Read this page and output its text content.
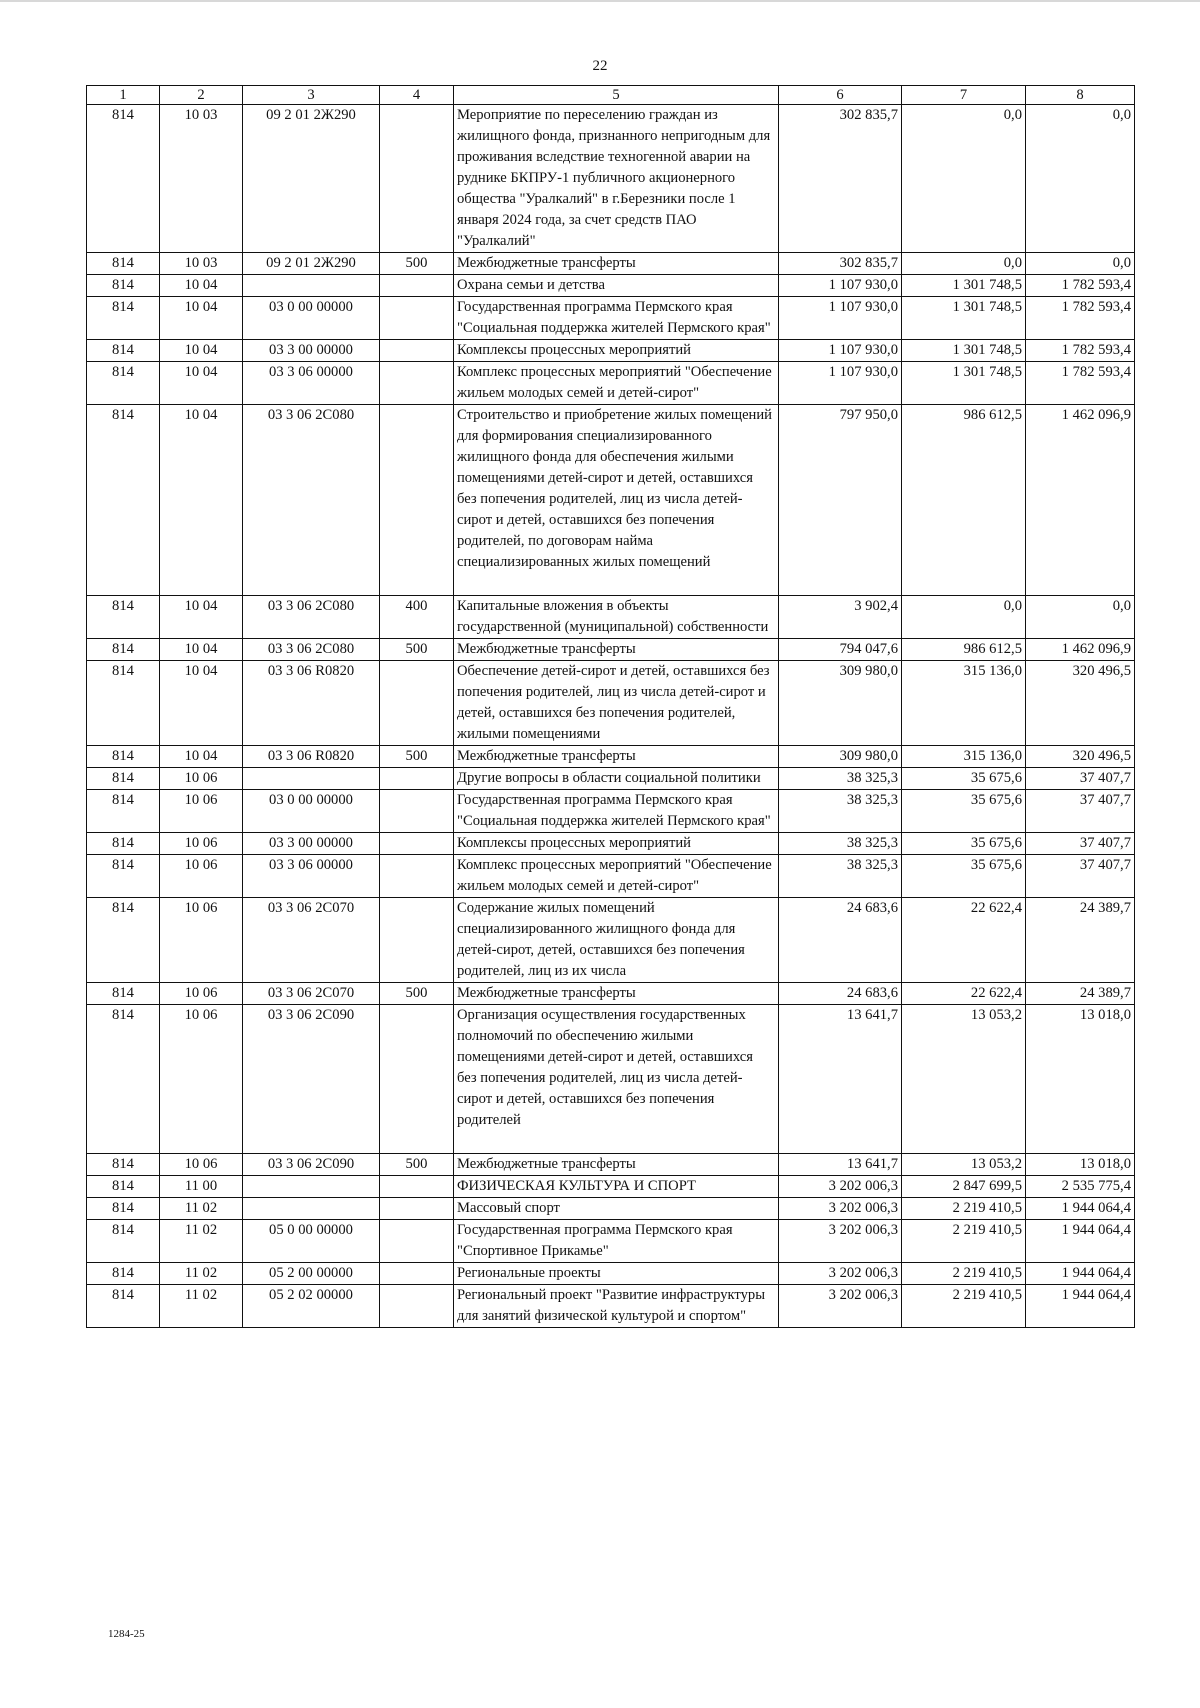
22
1	2	3	4	5	6	7	8
814	10 03	09 2 01 2Ж290		Мероприятие по переселению граждан из жилищного фонда, признанного непригодным для проживания вследствие техногенной аварии на руднике БКПРУ-1 публичного акционерного общества "Уралкалий" в г.Березники после 1 января 2024 года, за счет средств ПАО "Уралкалий"	302 835,7	0,0	0,0
814	10 03	09 2 01 2Ж290	500	Межбюджетные трансферты	302 835,7	0,0	0,0
814	10 04			Охрана семьи и детства	1 107 930,0	1 301 748,5	1 782 593,4
814	10 04	03 0 00 00000		Государственная программа Пермского края "Социальная поддержка жителей Пермского края"	1 107 930,0	1 301 748,5	1 782 593,4
814	10 04	03 3 00 00000		Комплексы процессных мероприятий	1 107 930,0	1 301 748,5	1 782 593,4
814	10 04	03 3 06 00000		Комплекс процессных мероприятий "Обеспечение жильем молодых семей и детей-сирот"	1 107 930,0	1 301 748,5	1 782 593,4
814	10 04	03 3 06 2С080		Строительство и приобретение жилых помещений для формирования специализированного жилищного фонда для обеспечения жилыми помещениями детей-сирот и детей, оставшихся без попечения родителей, лиц из числа детей-сирот и детей, оставшихся без попечения родителей, по договорам найма специализированных жилых помещений	797 950,0	986 612,5	1 462 096,9
814	10 04	03 3 06 2С080	400	Капитальные вложения в объекты государственной (муниципальной) собственности	3 902,4	0,0	0,0
814	10 04	03 3 06 2С080	500	Межбюджетные трансферты	794 047,6	986 612,5	1 462 096,9
814	10 04	03 3 06 R0820		Обеспечение детей-сирот и детей, оставшихся без попечения родителей, лиц из числа детей-сирот и детей, оставшихся без попечения родителей, жилыми помещениями	309 980,0	315 136,0	320 496,5
814	10 04	03 3 06 R0820	500	Межбюджетные трансферты	309 980,0	315 136,0	320 496,5
814	10 06			Другие вопросы в области социальной политики	38 325,3	35 675,6	37 407,7
814	10 06	03 0 00 00000		Государственная программа Пермского края "Социальная поддержка жителей Пермского края"	38 325,3	35 675,6	37 407,7
814	10 06	03 3 00 00000		Комплексы процессных мероприятий	38 325,3	35 675,6	37 407,7
814	10 06	03 3 06 00000		Комплекс процессных мероприятий "Обеспечение жильем молодых семей и детей-сирот"	38 325,3	35 675,6	37 407,7
814	10 06	03 3 06 2С070		Содержание жилых помещений специализированного жилищного фонда для детей-сирот, детей, оставшихся без попечения родителей, лиц из их числа	24 683,6	22 622,4	24 389,7
814	10 06	03 3 06 2С070	500	Межбюджетные трансферты	24 683,6	22 622,4	24 389,7
814	10 06	03 3 06 2С090		Организация осуществления государственных полномочий по обеспечению жилыми помещениями детей-сирот и детей, оставшихся без попечения родителей, лиц из числа детей-сирот и детей, оставшихся без попечения родителей	13 641,7	13 053,2	13 018,0
814	10 06	03 3 06 2С090	500	Межбюджетные трансферты	13 641,7	13 053,2	13 018,0
814	11 00			ФИЗИЧЕСКАЯ КУЛЬТУРА И СПОРТ	3 202 006,3	2 847 699,5	2 535 775,4
814	11 02			Массовый спорт	3 202 006,3	2 219 410,5	1 944 064,4
814	11 02	05 0 00 00000		Государственная программа Пермского края "Спортивное Прикамье"	3 202 006,3	2 219 410,5	1 944 064,4
814	11 02	05 2 00 00000		Региональные проекты	3 202 006,3	2 219 410,5	1 944 064,4
814	11 02	05 2 02 00000		Региональный проект "Развитие инфраструктуры для занятий физической культурой и спортом"	3 202 006,3	2 219 410,5	1 944 064,4
1284-25
